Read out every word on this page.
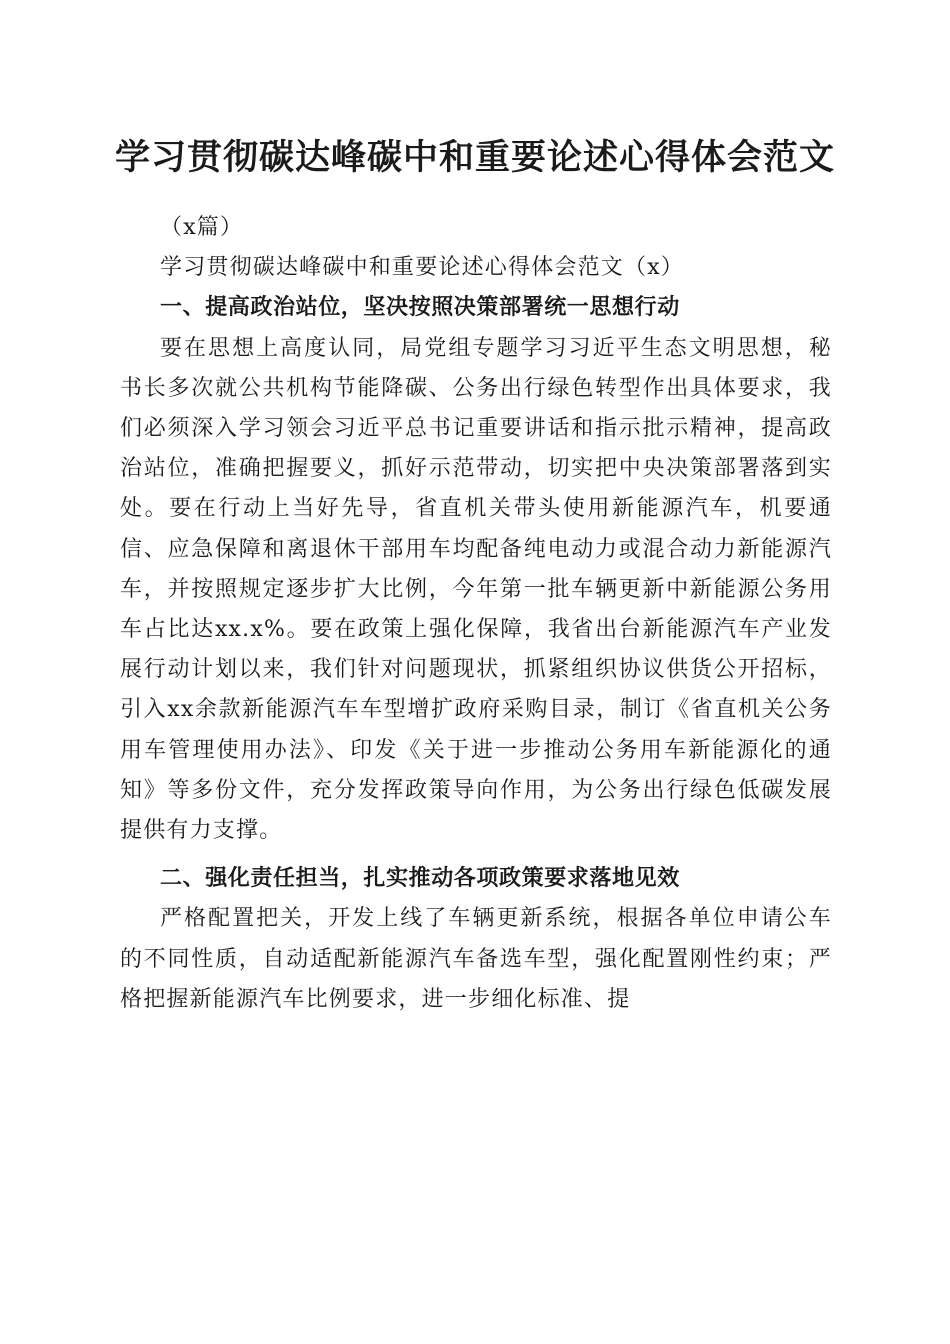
学习贯彻碳达峰碳中和重要论述心得体会范文

（x篇）

学习贯彻碳达峰碳中和重要论述心得体会范文（x）

一、提高政治站位，坚决按照决策部署统一思想行动

要在思想上高度认同，局党组专题学习习近平生态文明思想，秘书长多次就公共机构节能降碳、公务出行绿色转型作出具体要求，我们必须深入学习领会习近平总书记重要讲话和指示批示精神，提高政治站位，准确把握要义，抓好示范带动，切实把中央决策部署落到实处。要在行动上当好先导，省直机关带头使用新能源汽车，机要通信、应急保障和离退休干部用车均配备纯电动力或混合动力新能源汽车，并按照规定逐步扩大比例，今年第一批车辆更新中新能源公务用车占比达xx.x%。要在政策上强化保障，我省出台新能源汽车产业发展行动计划以来，我们针对问题现状，抓紧组织协议供货公开招标，引入xx余款新能源汽车车型增扩政府采购目录，制订《省直机关公务用车管理使用办法》、印发《关于进一步推动公务用车新能源化的通知》等多份文件，充分发挥政策导向作用，为公务出行绿色低碳发展提供有力支撑。

二、强化责任担当，扎实推动各项政策要求落地见效

严格配置把关，开发上线了车辆更新系统，根据各单位申请公车的不同性质，自动适配新能源汽车备选车型，强化配置刚性约束；严格把握新能源汽车比例要求，进一步细化标准、提
